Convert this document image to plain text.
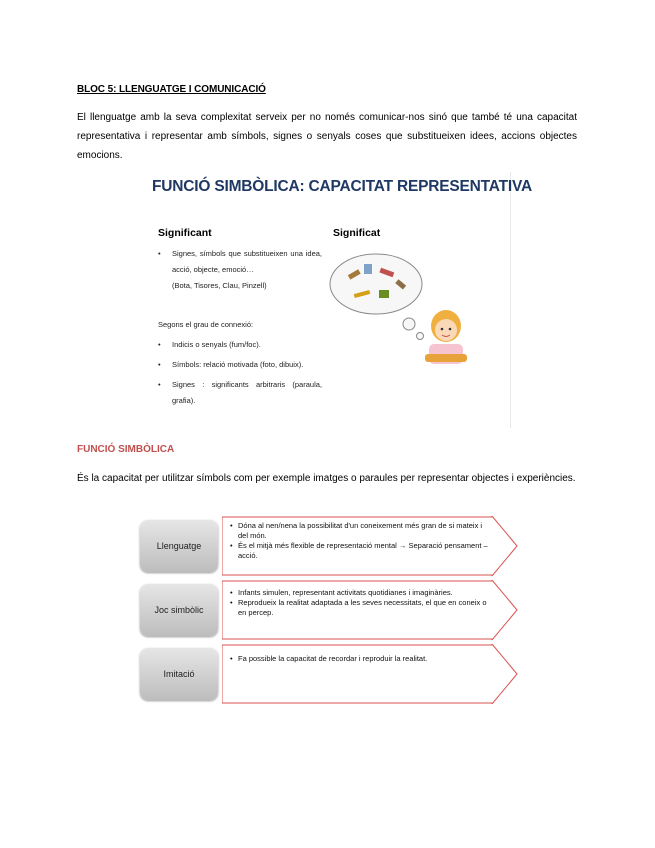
BLOC 5: LLENGUATGE I COMUNICACIÓ
El llenguatge amb la seva complexitat serveix per no només comunicar-nos sinó que també té una capacitat representativa i representar amb símbols, signes o senyals coses que substitueixen idees, accions objectes emocions.
FUNCIÓ SIMBÒLICA: CAPACITAT REPRESENTATIVA
Significant	Significat
• Signes, símbols que substitueixen una idea, acció, objecte, emoció…
(Bota, Tisores, Clau, Pinzell)
Segons el grau de connexió:
• Indicis o senyals (fum/foc).
• Símbols: relació motivada (foto, dibuix).
• Signes : significants arbitraris (paraula, grafia).
FUNCIÓ SIMBÒLICA
És la capacitat per utilitzar símbols com per exemple imatges o paraules per representar objectes i experiències.
Llenguatge
• Dóna al nen/nena la possibilitat d'un coneixement més gran de si mateix i del món.
• És el mitjà més flexible de representació mental → Separació pensament – acció.
Joc simbòlic
• Infants simulen, representant activitats quotidianes i imaginàries.
• Reprodueix la realitat adaptada a les seves necessitats, el que en coneix o en percep.
Imitació
• Fa possible la capacitat de recordar i reproduir la realitat.
